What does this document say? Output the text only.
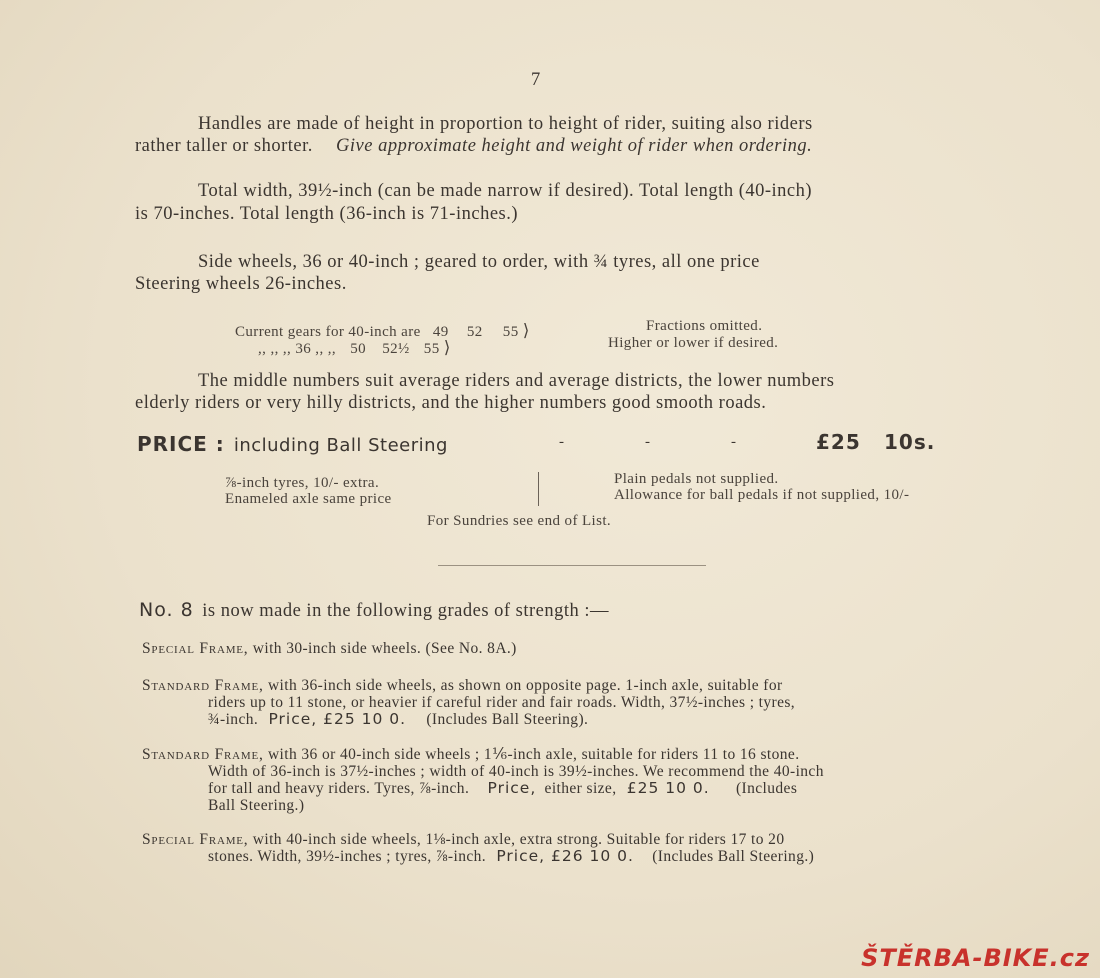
7
Handles are made of height in proportion to height of rider, suiting also riders
rather taller or shorter. Give approximate height and weight of rider when ordering.
Total width, 39½-inch (can be made narrow if desired). Total length (40-inch)
is 70-inches. Total length (36-inch is 71-inches.)
Side wheels, 36 or 40-inch ; geared to order, with ¾ tyres, all one price
Steering wheels 26-inches.
Current gears for 40-inch are 49 52 55 ⟩
,, ,, ,, 36 ,, ,, 50 52½ 55 ⟩
Fractions omitted.
Higher or lower if desired.
The middle numbers suit average riders and average districts, the lower numbers
elderly riders or very hilly districts, and the higher numbers good smooth roads.
PRICE : including Ball Steering	-	-	-	£25 10s.
⅞-inch tyres, 10/- extra.
Enameled axle same price
Plain pedals not supplied.
Allowance for ball pedals if not supplied, 10/-
For Sundries see end of List.
No. 8 is now made in the following grades of strength :—
Special Frame, with 30-inch side wheels. (See No. 8A.)
Standard Frame, with 36-inch side wheels, as shown on opposite page. 1-inch axle, suitable for
riders up to 11 stone, or heavier if careful rider and fair roads. Width, 37½-inches ; tyres,
¾-inch. Price, £25 10 0. (Includes Ball Steering).
Standard Frame, with 36 or 40-inch side wheels ; 1⅙-inch axle, suitable for riders 11 to 16 stone.
Width of 36-inch is 37½-inches ; width of 40-inch is 39½-inches. We recommend the 40-inch
for tall and heavy riders. Tyres, ⅞-inch. Price, either size, £25 10 0. (Includes
Ball Steering.)
Special Frame, with 40-inch side wheels, 1⅛-inch axle, extra strong. Suitable for riders 17 to 20
stones. Width, 39½-inches ; tyres, ⅞-inch. Price, £26 10 0. (Includes Ball Steering.)
ŠTĚRBA-BIKE.cz
